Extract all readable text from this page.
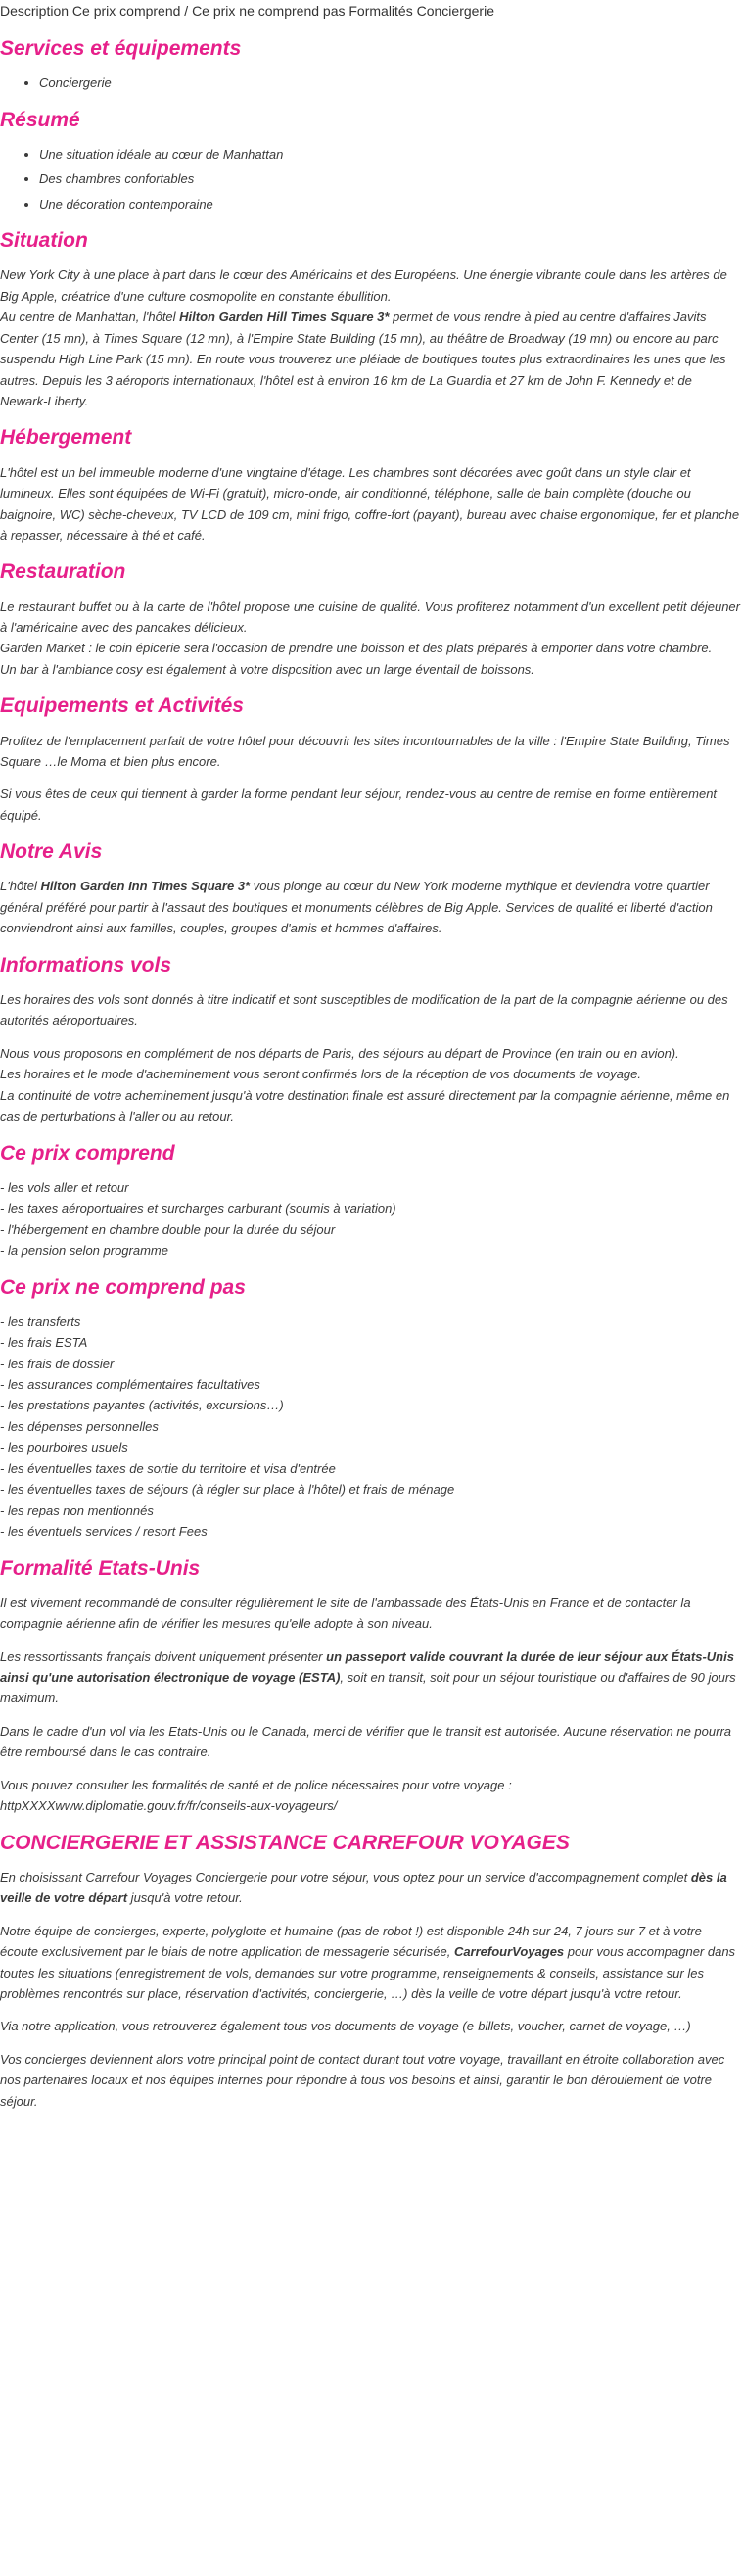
Description Ce prix comprend / Ce prix ne comprend pas Formalités Conciergerie
Services et équipements
• Conciergerie
Résumé
• Une situation idéale au cœur de Manhattan
• Des chambres confortables
• Une décoration contemporaine
Situation

New York City à une place à part dans le cœur des Américains et des Européens. Une énergie vibrante coule dans les artères de Big Apple, créatrice d'une culture cosmopolite en constante ébullition.

Au centre de Manhattan, l'hôtel Hilton Garden Hill Times Square 3* permet de vous rendre à pied au centre d'affaires Javits Center (15 mn), à Times Square (12 mn), à l'Empire State Building (15 mn), au théâtre de Broadway (19 mn) ou encore au parc suspendu High Line Park (15 mn). En route vous trouverez une pléiade de boutiques toutes plus extraordinaires les unes que les autres. Depuis les 3 aéroports internationaux, l'hôtel est à environ 16 km de La Guardia et 27 km de John F. Kennedy et de Newark-Liberty.

Hébergement

L'hôtel est un bel immeuble moderne d'une vingtaine d'étage. Les chambres sont décorées avec goût dans un style clair et lumineux. Elles sont équipées de Wi-Fi (gratuit), micro-onde, air conditionné, téléphone, salle de bain complète (douche ou baignoire, WC) sèche-cheveux, TV LCD de 109 cm, mini frigo, coffre-fort (payant), bureau avec chaise ergonomique, fer et planche à repasser, nécessaire à thé et café.

Restauration

Le restaurant buffet ou à la carte de l'hôtel propose une cuisine de qualité. Vous profiterez notamment d'un excellent petit déjeuner à l'américaine avec des pancakes délicieux.

Garden Market : le coin épicerie sera l'occasion de prendre une boisson et des plats préparés à emporter dans votre chambre.

Un bar à l'ambiance cosy est également à votre disposition avec un large éventail de boissons.

Equipements et Activités

Profitez de l'emplacement parfait de votre hôtel pour découvrir les sites incontournables de la ville : l'Empire State Building, Times Square …le Moma et bien plus encore.

Si vous êtes de ceux qui tiennent à garder la forme pendant leur séjour, rendez-vous au centre de remise en forme entièrement équipé.

Notre Avis

L'hôtel Hilton Garden Inn Times Square 3* vous plonge au cœur du New York moderne mythique et deviendra votre quartier général préféré pour partir à l'assaut des boutiques et monuments célèbres de Big Apple. Services de qualité et liberté d'action conviendront ainsi aux familles, couples, groupes d'amis et hommes d'affaires.

Informations vols

Les horaires des vols sont donnés à titre indicatif et sont susceptibles de modification de la part de la compagnie aérienne ou des autorités aéroportuaires.

Nous vous proposons en complément de nos départs de Paris, des séjours au départ de Province (en train ou en avion).

Les horaires et le mode d'acheminement vous seront confirmés lors de la réception de vos documents de voyage.

La continuité de votre acheminement jusqu'à votre destination finale est assuré directement par la compagnie aérienne, même en cas de perturbations à l'aller ou au retour.

Ce prix comprend

- les vols aller et retour

- les taxes aéroportuaires et surcharges carburant (soumis à variation)

- l'hébergement en chambre double pour la durée du séjour

- la pension selon programme

Ce prix ne comprend pas

- les transferts

- les frais ESTA

- les frais de dossier

- les assurances complémentaires facultatives

- les prestations payantes (activités, excursions…)

- les dépenses personnelles

- les pourboires usuels

- les éventuelles taxes de sortie du territoire et visa d'entrée

- les éventuelles taxes de séjours (à régler sur place à l'hôtel) et frais de ménage

- les repas non mentionnés

- les éventuels services / resort Fees

Formalité Etats-Unis

Il est vivement recommandé de consulter régulièrement le site de l'ambassade des États-Unis en France et de contacter la compagnie aérienne afin de vérifier les mesures qu'elle adopte à son niveau.

Les ressortissants français doivent uniquement présenter un passeport valide couvrant la durée de leur séjour aux États-Unis ainsi qu'une autorisation électronique de voyage (ESTA), soit en transit, soit pour un séjour touristique ou d'affaires de 90 jours maximum.

Dans le cadre d'un vol via les Etats-Unis ou le Canada, merci de vérifier que le transit est autorisée. Aucune réservation ne pourra être remboursé dans le cas contraire.

Vous pouvez consulter les formalités de santé et de police nécessaires pour votre voyage : httpXXXXwww.diplomatie.gouv.fr/fr/conseils-aux-voyageurs/

CONCIERGERIE ET ASSISTANCE CARREFOUR VOYAGES

En choisissant Carrefour Voyages Conciergerie pour votre séjour, vous optez pour un service d'accompagnement complet dès la veille de votre départ jusqu'à votre retour.

Notre équipe de concierges, experte, polyglotte et humaine (pas de robot !) est disponible 24h sur 24, 7 jours sur 7 et à votre écoute exclusivement par le biais de notre application de messagerie sécurisée, CarrefourVoyages pour vous accompagner dans toutes les situations (enregistrement de vols, demandes sur votre programme, renseignements & conseils, assistance sur les problèmes rencontrés sur place, réservation d'activités, conciergerie, …) dès la veille de votre départ jusqu'à votre retour.

Via notre application, vous retrouverez également tous vos documents de voyage (e-billets, voucher, carnet de voyage, …)

Vos concierges deviennent alors votre principal point de contact durant tout votre voyage, travaillant en étroite collaboration avec nos partenaires locaux et nos équipes internes pour répondre à tous vos besoins et ainsi, garantir le bon déroulement de votre séjour.
